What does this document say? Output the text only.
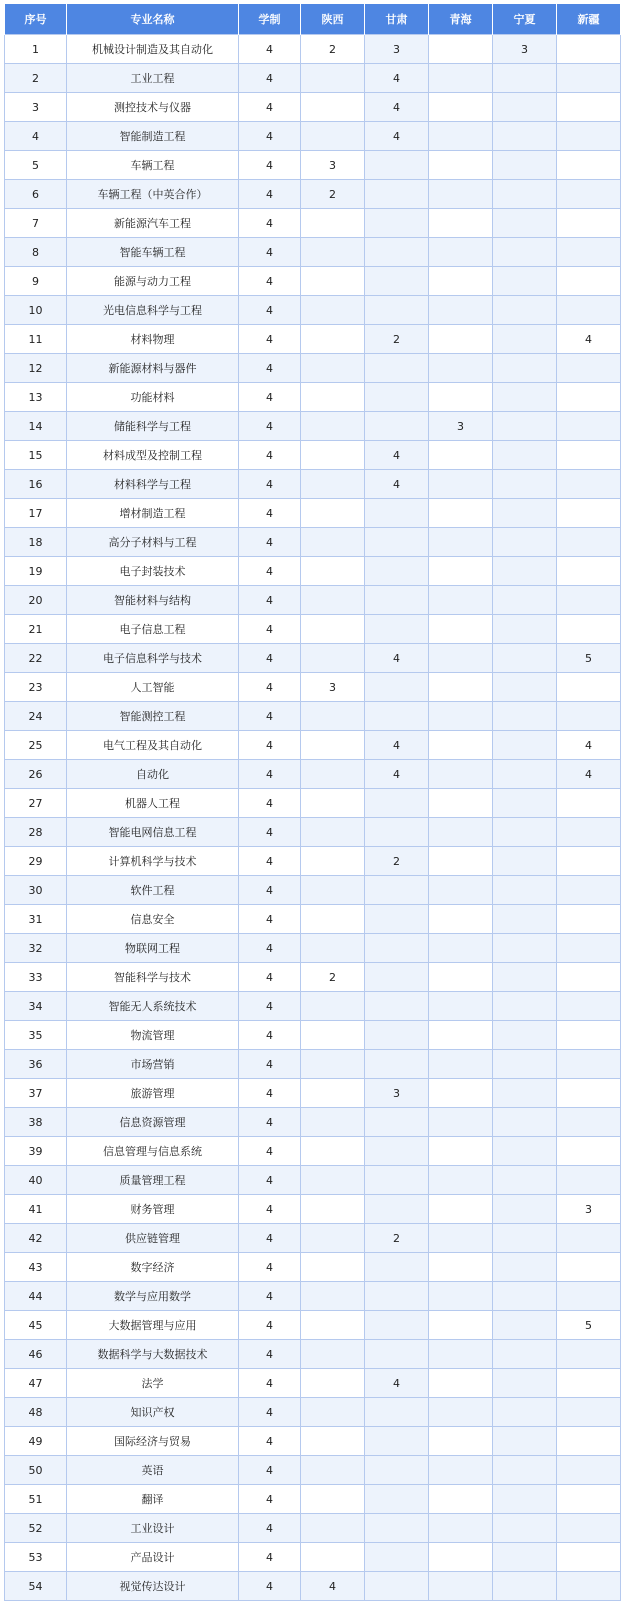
序号	专业名称	学制	陕西	甘肃	青海	宁夏	新疆
1	机械设计制造及其自动化	4	2	3		3	
2	工业工程	4		4			
3	测控技术与仪器	4		4			
4	智能制造工程	4		4			
5	车辆工程	4	3				
6	车辆工程（中英合作）	4	2				
7	新能源汽车工程	4					
8	智能车辆工程	4					
9	能源与动力工程	4					
10	光电信息科学与工程	4					
11	材料物理	4		2			4
12	新能源材料与器件	4					
13	功能材料	4					
14	储能科学与工程	4			3		
15	材料成型及控制工程	4		4			
16	材料科学与工程	4		4			
17	增材制造工程	4					
18	高分子材料与工程	4					
19	电子封装技术	4					
20	智能材料与结构	4					
21	电子信息工程	4					
22	电子信息科学与技术	4		4			5
23	人工智能	4	3				
24	智能测控工程	4					
25	电气工程及其自动化	4		4			4
26	自动化	4		4			4
27	机器人工程	4					
28	智能电网信息工程	4					
29	计算机科学与技术	4		2			
30	软件工程	4					
31	信息安全	4					
32	物联网工程	4					
33	智能科学与技术	4	2				
34	智能无人系统技术	4					
35	物流管理	4					
36	市场营销	4					
37	旅游管理	4		3			
38	信息资源管理	4					
39	信息管理与信息系统	4					
40	质量管理工程	4					
41	财务管理	4					3
42	供应链管理	4		2			
43	数字经济	4					
44	数学与应用数学	4					
45	大数据管理与应用	4					5
46	数据科学与大数据技术	4					
47	法学	4		4			
48	知识产权	4					
49	国际经济与贸易	4					
50	英语	4					
51	翻译	4					
52	工业设计	4					
53	产品设计	4					
54	视觉传达设计	4	4				
